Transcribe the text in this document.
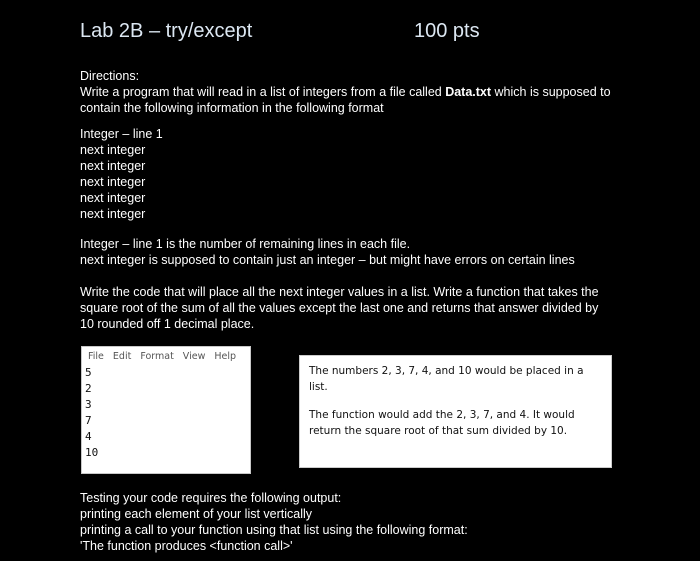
Lab 2B – try/except	100 pts
Directions:
Write a program that will read in a list of integers from a file called Data.txt which is supposed to
contain the following information in the following format
Integer – line 1
next integer
next integer
next integer
next integer
next integer
Integer – line 1 is the number of remaining lines in each file.
next integer is supposed to contain just an integer – but might have errors on certain lines
Write the code that will place all the next integer values in a list. Write a function that takes the
square root of the sum of all the values except the last one and returns that answer divided by
10 rounded off 1 decimal place.
File Edit Format View Help
5
2
3
7
4
10
The numbers 2, 3, 7, 4, and 10 would be placed in a list.
The function would add the 2, 3, 7, and 4. It would
return the square root of that sum divided by 10.
Testing your code requires the following output:
printing each element of your list vertically
printing a call to your function using that list using the following format:
'The function produces <function call>'
